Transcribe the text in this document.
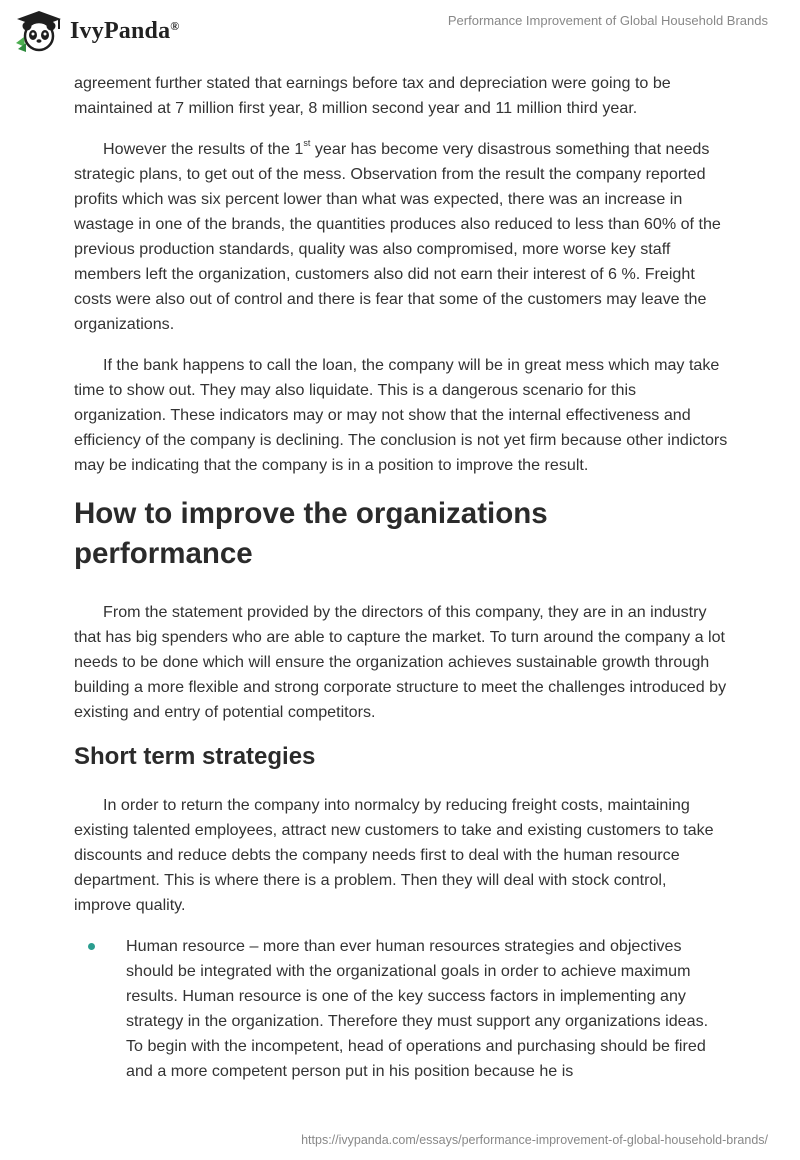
IvyPanda®	Performance Improvement of Global Household Brands

agreement further stated that earnings before tax and depreciation were going to be maintained at 7 million first year, 8 million second year and 11 million third year.

However the results of the 1st year has become very disastrous something that needs strategic plans, to get out of the mess. Observation from the result the company reported profits which was six percent lower than what was expected, there was an increase in wastage in one of the brands, the quantities produces also reduced to less than 60% of the previous production standards, quality was also compromised, more worse key staff members left the organization, customers also did not earn their interest of 6 %. Freight costs were also out of control and there is fear that some of the customers may leave the organizations.

If the bank happens to call the loan, the company will be in great mess which may take time to show out. They may also liquidate. This is a dangerous scenario for this organization. These indicators may or may not show that the internal effectiveness and efficiency of the company is declining. The conclusion is not yet firm because other indictors may be indicating that the company is in a position to improve the result.

How to improve the organizations performance

From the statement provided by the directors of this company, they are in an industry that has big spenders who are able to capture the market. To turn around the company a lot needs to be done which will ensure the organization achieves sustainable growth through building a more flexible and strong corporate structure to meet the challenges introduced by existing and entry of potential competitors.

Short term strategies

In order to return the company into normalcy by reducing freight costs, maintaining existing talented employees, attract new customers to take and existing customers to take discounts and reduce debts the company needs first to deal with the human resource department. This is where there is a problem. Then they will deal with stock control, improve quality.

Human resource – more than ever human resources strategies and objectives should be integrated with the organizational goals in order to achieve maximum results. Human resource is one of the key success factors in implementing any strategy in the organization. Therefore they must support any organizations ideas. To begin with the incompetent, head of operations and purchasing should be fired and a more competent person put in his position because he is
https://ivypanda.com/essays/performance-improvement-of-global-household-brands/
